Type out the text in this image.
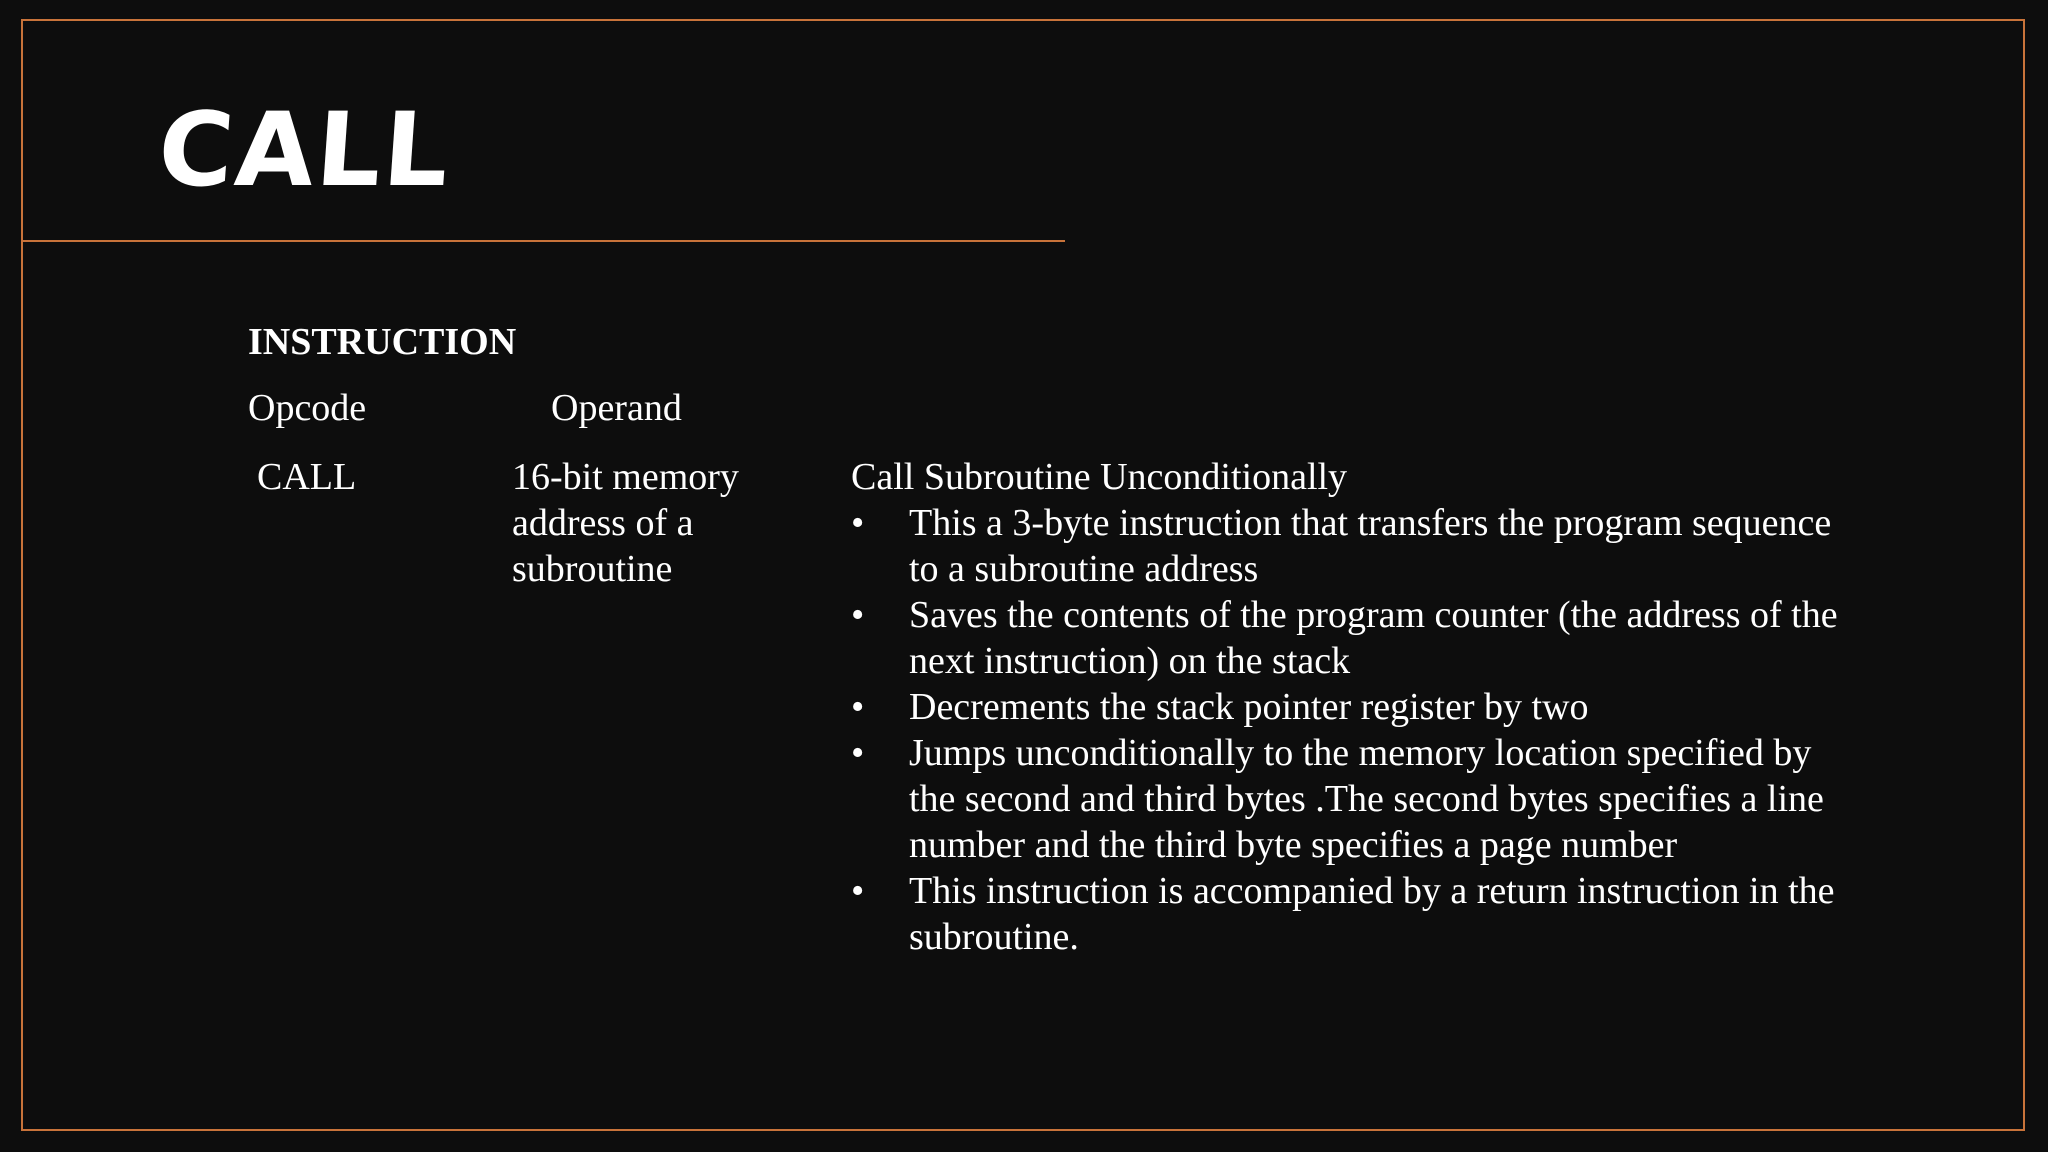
CALL
INSTRUCTION
Opcode	Operand
CALL	16-bit memory address of a subroutine
Call Subroutine Unconditionally
• This a 3-byte instruction that transfers the program sequence to a subroutine address
• Saves the contents of the program counter (the address of the next instruction) on the stack
• Decrements the stack pointer register by two
• Jumps unconditionally to the memory location specified by the second and third bytes .The second bytes specifies a line number and the third byte specifies a page number
• This instruction is accompanied by a return instruction in the subroutine.
